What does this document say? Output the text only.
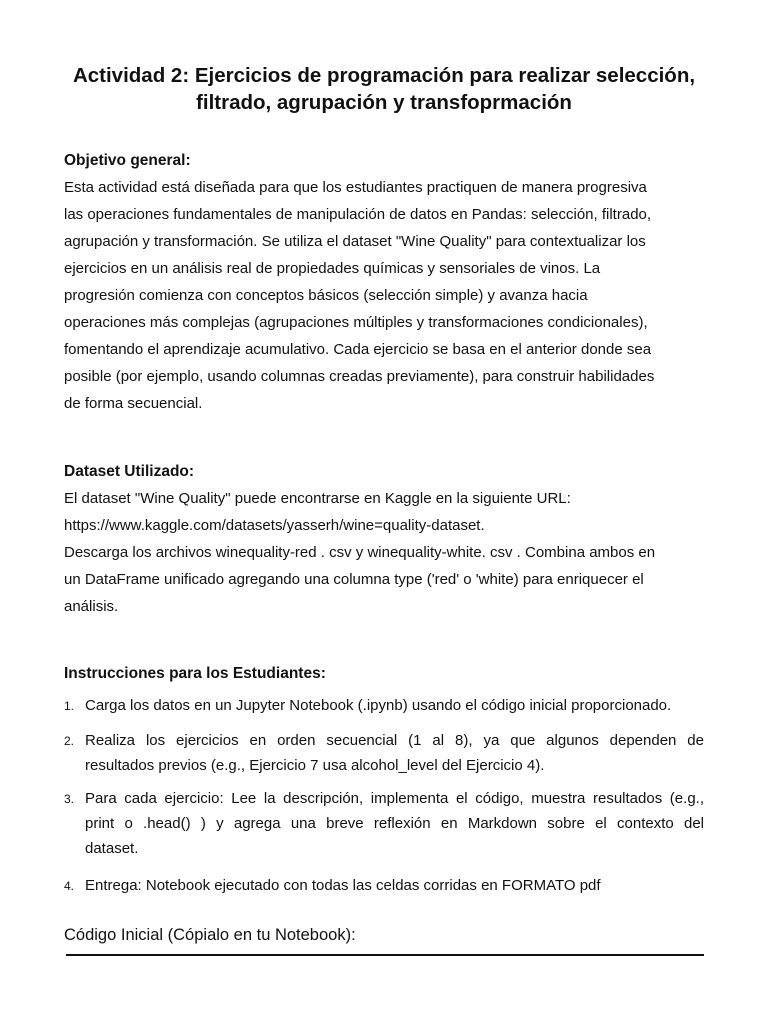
Actividad 2: Ejercicios de programación para realizar selección,
filtrado, agrupación y transfoprmación

Objetivo general:

Esta actividad está diseñada para que los estudiantes practiquen de manera progresiva
las operaciones fundamentales de manipulación de datos en Pandas: selección, filtrado,
agrupación y transformación. Se utiliza el dataset "Wine Quality" para contextualizar los
ejercicios en un análisis real de propiedades químicas y sensoriales de vinos. La
progresión comienza con conceptos básicos (selección simple) y avanza hacia
operaciones más complejas (agrupaciones múltiples y transformaciones condicionales),
fomentando el aprendizaje acumulativo. Cada ejercicio se basa en el anterior donde sea
posible (por ejemplo, usando columnas creadas previamente), para construir habilidades
de forma secuencial.

Dataset Utilizado:

El dataset "Wine Quality" puede encontrarse en Kaggle en la siguiente URL:
https://www.kaggle.com/datasets/yasserh/wine=quality-dataset.
Descarga los archivos winequality-red . csv y winequality-white. csv . Combina ambos en
un DataFrame unificado agregando una columna type ('red' o 'white) para enriquecer el
análisis.

Instrucciones para los Estudiantes:

1. Carga los datos en un Jupyter Notebook (.ipynb) usando el código inicial proporcionado.
2. Realiza los ejercicios en orden secuencial (1 al 8), ya que algunos dependen de
resultados previos (e.g., Ejercicio 7 usa alcohol_level del Ejercicio 4).
3. Para cada ejercicio: Lee la descripción, implementa el código, muestra resultados (e.g.,
print o .head() ) y agrega una breve reflexión en Markdown sobre el contexto del
dataset.
4. Entrega: Notebook ejecutado con todas las celdas corridas en FORMATO pdf

Código Inicial (Cópialo en tu Notebook):
